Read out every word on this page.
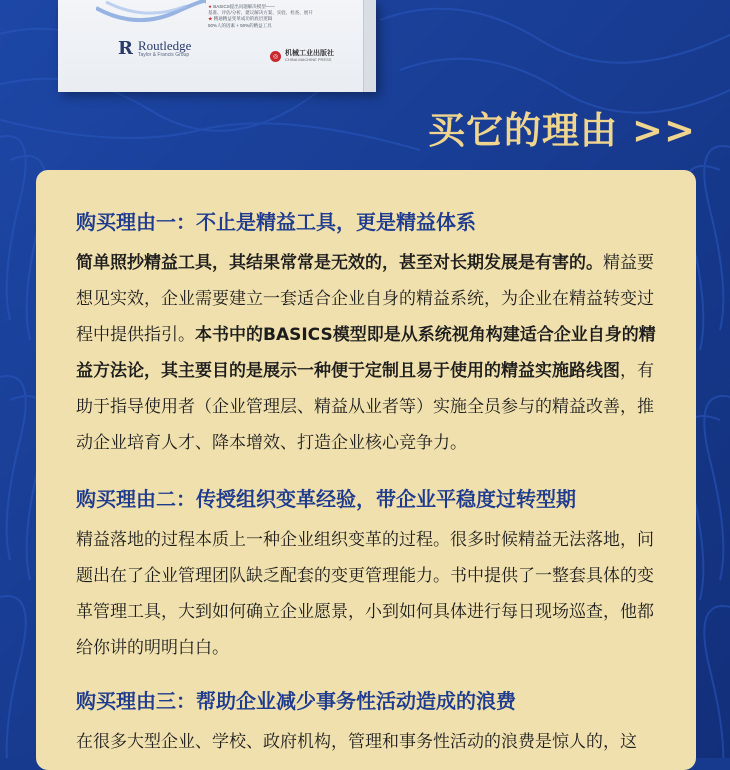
R Routledge
Taylor & Francis Group
★ BASICS提出问题解决模型——
基准、评估/分析、建议解决方案、实验、检查、展开
★ 精通精益变革成功的底层逻辑
50%人的因素 + 50%的精益工具
◎ 机械工业出版社
CHINA MACHINE PRESS
买它的理由 >>
购买理由一：不止是精益工具，更是精益体系
简单照抄精益工具，其结果常常是无效的，甚至对长期发展是有害的。精益要想见实效，企业需要建立一套适合企业自身的精益系统，为企业在精益转变过程中提供指引。本书中的BASICS模型即是从系统视角构建适合企业自身的精益方法论，其主要目的是展示一种便于定制且易于使用的精益实施路线图，有助于指导使用者（企业管理层、精益从业者等）实施全员参与的精益改善，推动企业培育人才、降本增效、打造企业核心竞争力。
购买理由二：传授组织变革经验，带企业平稳度过转型期
精益落地的过程本质上一种企业组织变革的过程。很多时候精益无法落地，问题出在了企业管理团队缺乏配套的变更管理能力。书中提供了一整套具体的变革管理工具，大到如何确立企业愿景，小到如何具体进行每日现场巡查，他都给你讲的明明白白。
购买理由三：帮助企业减少事务性活动造成的浪费
在很多大型企业、学校、政府机构，管理和事务性活动的浪费是惊人的，这
